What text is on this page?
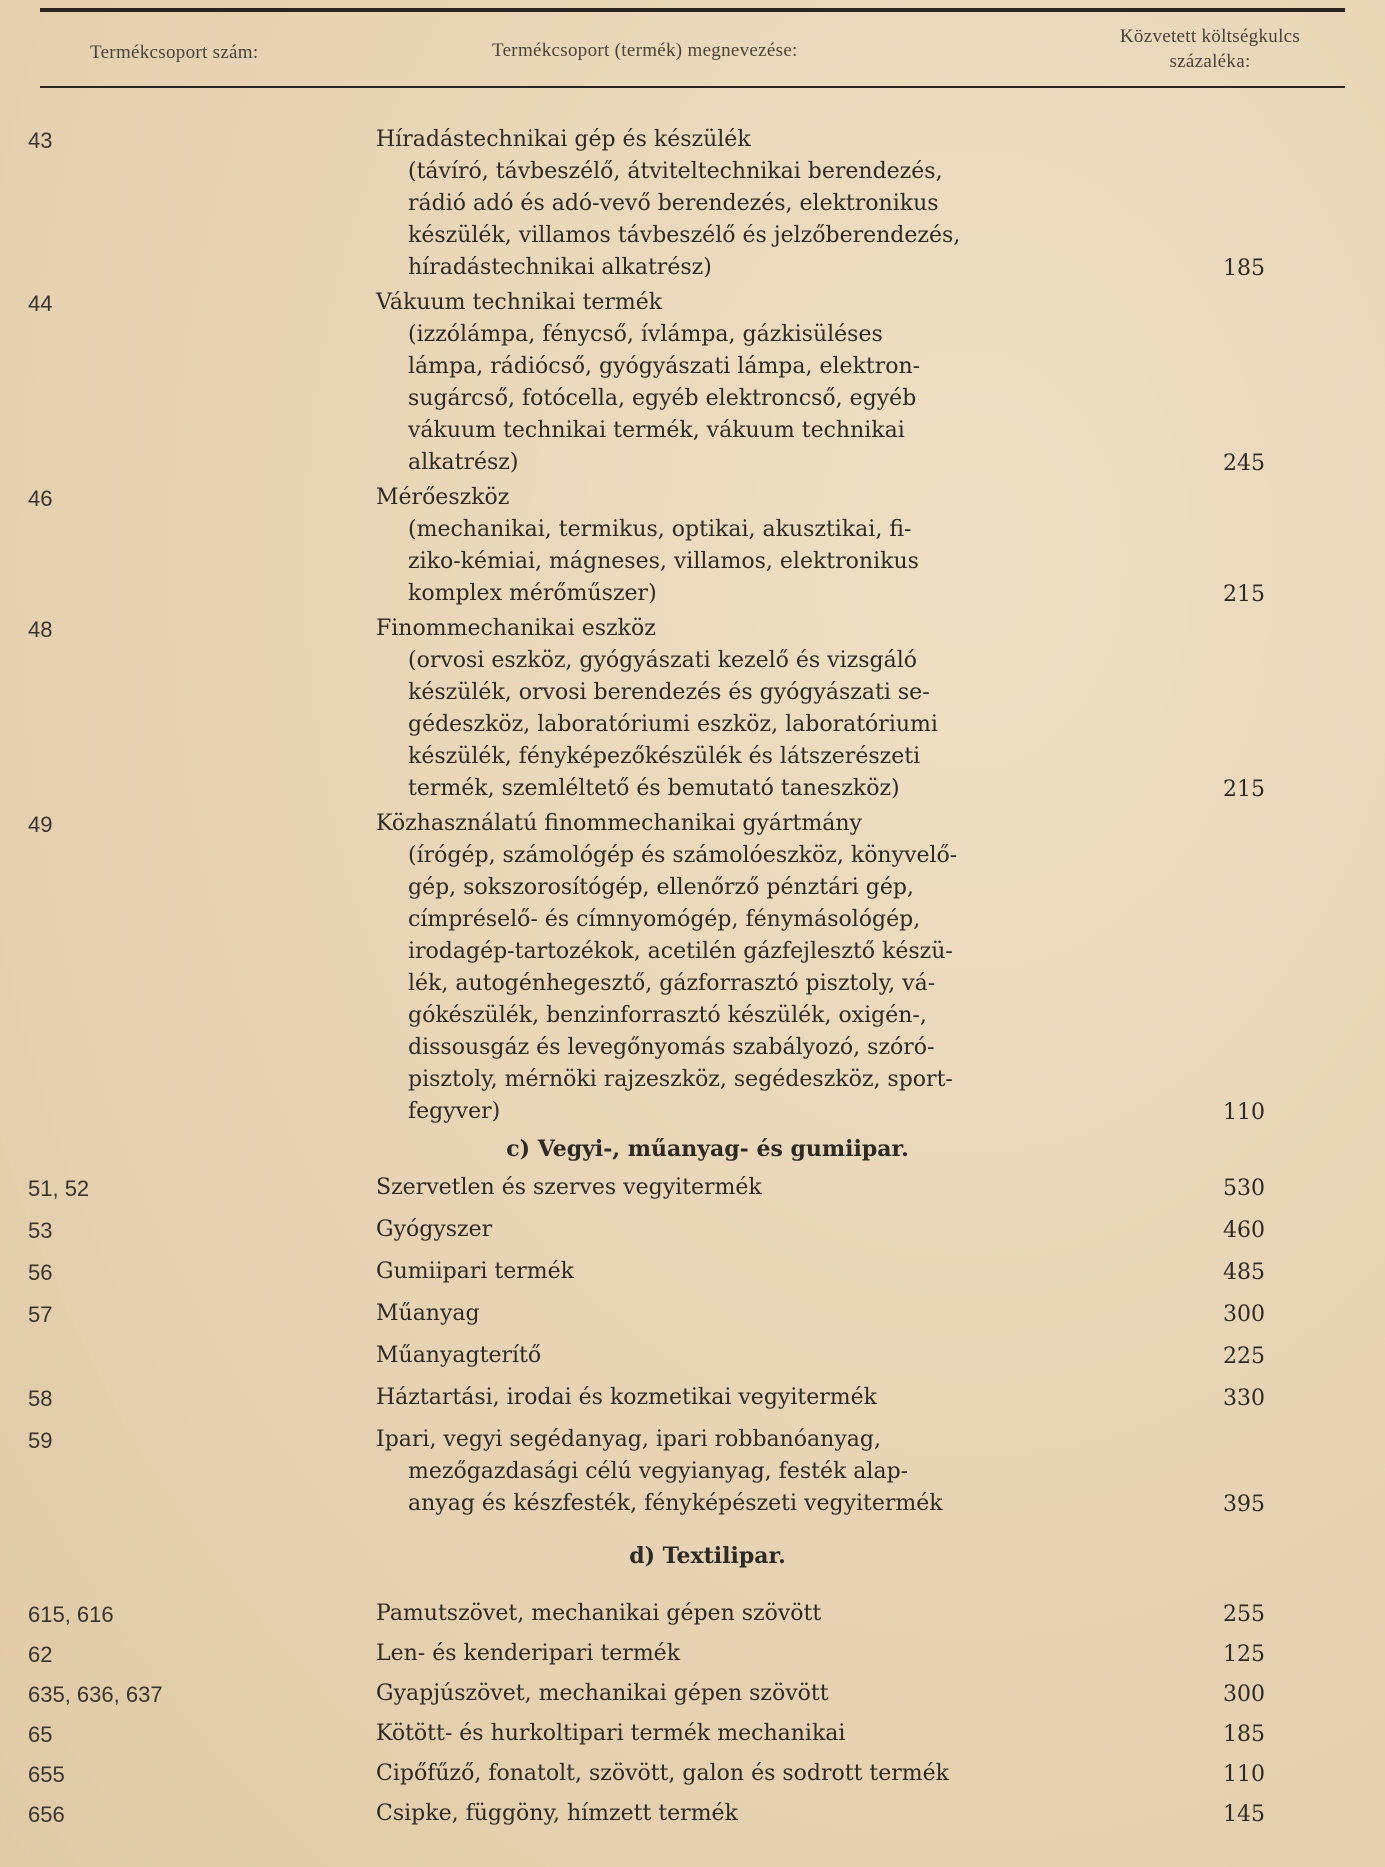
Termékcsoport szám:	Termékcsoport (termék) megnevezése:
Közvetett költségkulcs
százaléka:
43	Híradástechnikai gép és készülék
(távíró, távbeszélő, átviteltechnikai berendezés,
rádió adó és adó-vevő berendezés, elektronikus
készülék, villamos távbeszélő és jelzőberendezés,
híradástechnikai alkatrész)	185
44	Vákuum technikai termék
(izzólámpa, fénycső, ívlámpa, gázkisüléses
lámpa, rádiócső, gyógyászati lámpa, elektron-
sugárcső, fotócella, egyéb elektroncső, egyéb
vákuum technikai termék, vákuum technikai
alkatrész)	245
46	Mérőeszköz
(mechanikai, termikus, optikai, akusztikai, fi-
ziko-kémiai, mágneses, villamos, elektronikus
komplex mérőműszer)	215
48	Finommechanikai eszköz
(orvosi eszköz, gyógyászati kezelő és vizsgáló
készülék, orvosi berendezés és gyógyászati se-
gédeszköz, laboratóriumi eszköz, laboratóriumi
készülék, fényképezőkészülék és látszerészeti
termék, szemléltető és bemutató taneszköz)	215
49	Közhasználatú finommechanikai gyártmány
(írógép, számológép és számolóeszköz, könyvelő-
gép, sokszorosítógép, ellenőrző pénztári gép,
címpréselő- és címnyomógép, fénymásológép,
irodagép-tartozékok, acetilén gázfejlesztő készü-
lék, autogénhegesztő, gázforrasztó pisztoly, vá-
gókészülék, benzinforrasztó készülék, oxigén-,
dissousgáz és levegőnyomás szabályozó, szóró-
pisztoly, mérnöki rajzeszköz, segédeszköz, sport-
fegyver)	110
c) Vegyi-, műanyag- és gumiipar.
51, 52	Szervetlen és szerves vegyitermék	530
53	Gyógyszer	460
56	Gumiipari termék	485
57	Műanyag	300
Műanyagterítő	225
58	Háztartási, irodai és kozmetikai vegyitermék	330
59	Ipari, vegyi segédanyag, ipari robbanóanyag,
mezőgazdasági célú vegyianyag, festék alap-
anyag és készfesték, fényképészeti vegyitermék	395
d) Textilipar.
615, 616	Pamutszövet, mechanikai gépen szövött	255
62	Len- és kenderipari termék	125
635, 636, 637	Gyapjúszövet, mechanikai gépen szövött	300
65	Kötött- és hurkoltipari termék mechanikai	185
655	Cipőfűző, fonatolt, szövött, galon és sodrott termék	110
656	Csipke, függöny, hímzett termék	145
